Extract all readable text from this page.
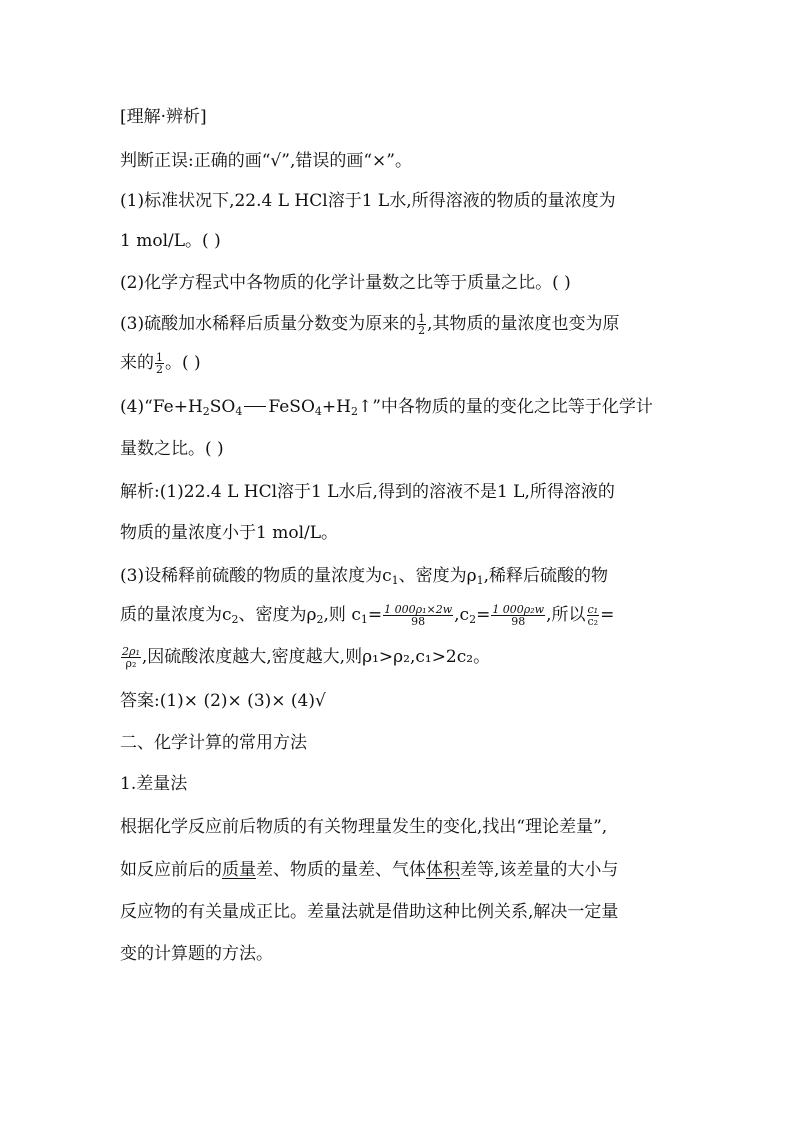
[理解·辨析]
判断正误:正确的画“√”,错误的画“×”。
(1)标准状况下,22.4 L HCl溶于1 L水,所得溶液的物质的量浓度为
1 mol/L。( )
(2)化学方程式中各物质的化学计量数之比等于质量之比。( )
(3)硫酸加水稀释后质量分数变为原来的 $\frac{1}{2}$ ,其物质的量浓度也变为原
来的 $\frac{1}{2}$ 。( )
$(4)“Fe+H_2SO_4$ $FeSO_4+H_2↑$”中各物质的量的变化之比等于化学计
量数之比。( )
解析:(1)22.4 L HCl溶于1 L水后,得到的溶液不是1 L,所得溶液的
物质的量浓度小于1 mol/L。
(3)设稀释前硫酸的物质的量浓度为$c_1$、密度为$\rho_1$,稀释后硫酸的物
质的量浓度为$c_2$、密度为$\rho_2$,则 $c_1= \frac{\text{1 000ρ₁×2w}}{98} ,c_2= \frac{\text{1 000ρ₂w}}{98}$ ,所以 $\frac{\text{c₁}}{\text{c₂}}$ =
$\frac{\text{2ρ₁}}{\text{ρ₂}}$ ,因硫酸浓度越大,密度越大,则ρ₁>ρ₂,c₁>2c₂。
答案:(1)× (2)× (3)× (4)√
二、化学计算的常用方法
1.差量法
根据化学反应前后物质的有关物理量发生的变化,找出“理论差量”,
如反应前后的质量差、物质的量差、气体体积差等,该差量的大小与
反应物的有关量成正比。差量法就是借助这种比例关系,解决一定量
变的计算题的方法。
